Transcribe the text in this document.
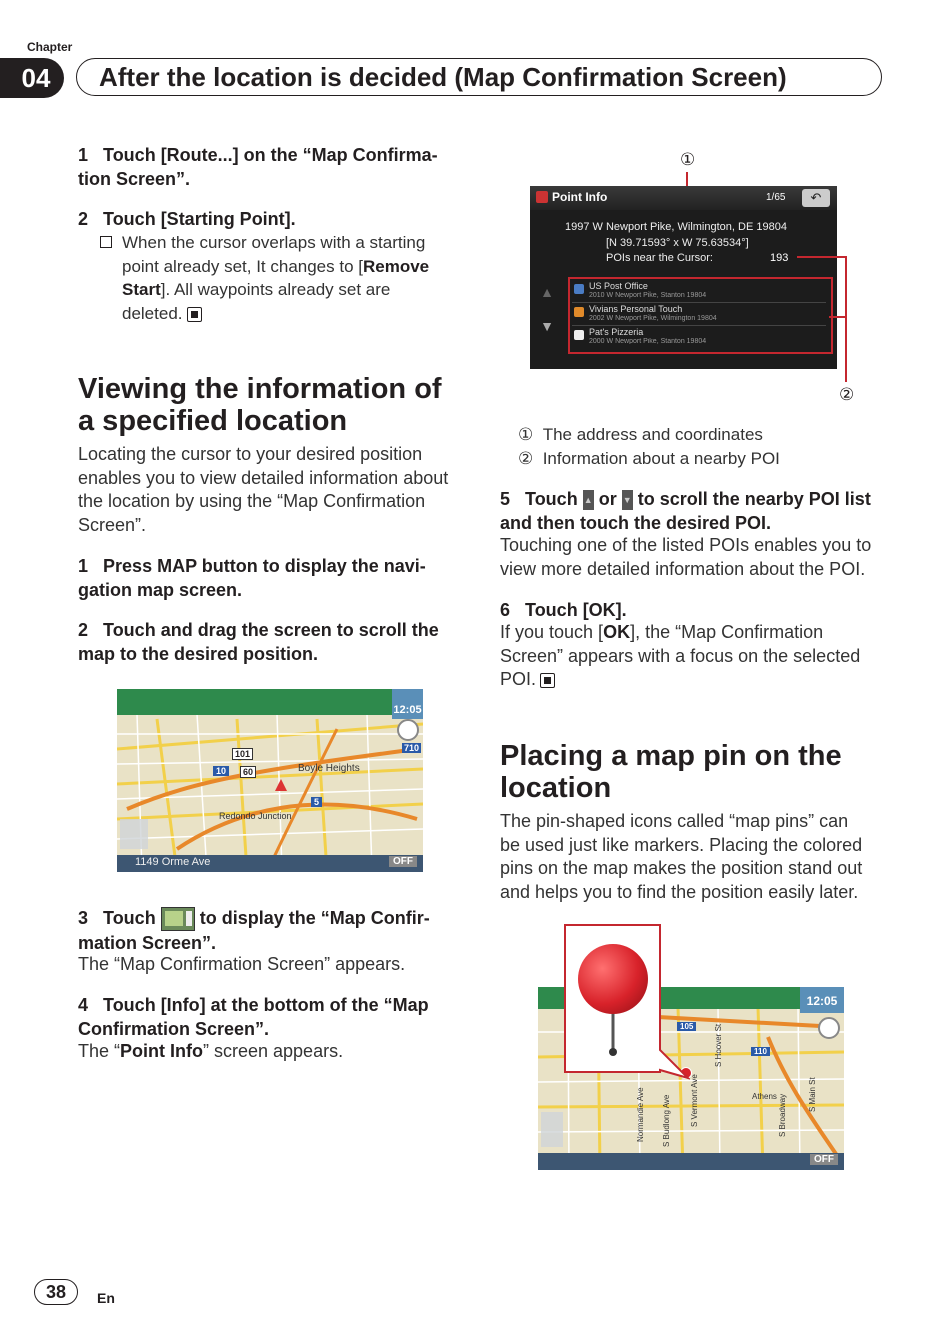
Chapter
04	After the location is decided (Map Confirmation Screen)
1 Touch [Route...] on the “Map Confirma-
tion Screen”.
2 Touch [Starting Point].
When the cursor overlaps with a starting
point already set, It changes to [Remove
Start]. All waypoints already set are
deleted.
Viewing the information of
a specified location
Locating the cursor to your desired position
enables you to view detailed information about
the location by using the “Map Confirmation
Screen”.
1 Press MAP button to display the navi-
gation map screen.
2 Touch and drag the screen to scroll the
map to the desired position.
12:05
Boyle Heights
Redondo Junction
101
10	60
5
710
1149 Orme Ave	OFF
3 Touch to display the “Map Confir-
mation Screen”.
The “Map Confirmation Screen” appears.
4 Touch [Info] at the bottom of the “Map
Confirmation Screen”.
The “Point Info” screen appears.
①
Point Info	1/65	↶
1997 W Newport Pike, Wilmington, DE 19804
[N 39.71593° x W 75.63534°]
POIs near the Cursor:	193
▲
▼
US Post Office
2010 W Newport Pike, Stanton 19804
Vivians Personal Touch
2002 W Newport Pike, Wilmington 19804
Pat's Pizzeria
2000 W Newport Pike, Stanton 19804
②
① The address and coordinates
② Information about a nearby POI
5 Touch ▲ or ▼ to scroll the nearby POI list
and then touch the desired POI.
Touching one of the listed POIs enables you to
view more detailed information about the POI.
6 Touch [OK].
If you touch [OK], the “Map Confirmation
Screen” appears with a focus on the selected
POI.
Placing a map pin on the
location
The pin-shaped icons called “map pins” can
be used just like markers. Placing the colored
pins on the map makes the position stand out
and helps you to find the position easily later.
12:05
105
110
S Hoover St
S Vermont Ave
S Budlong Ave
Normandie Ave	Athens S Broadway	S Main St
OFF
38	En
